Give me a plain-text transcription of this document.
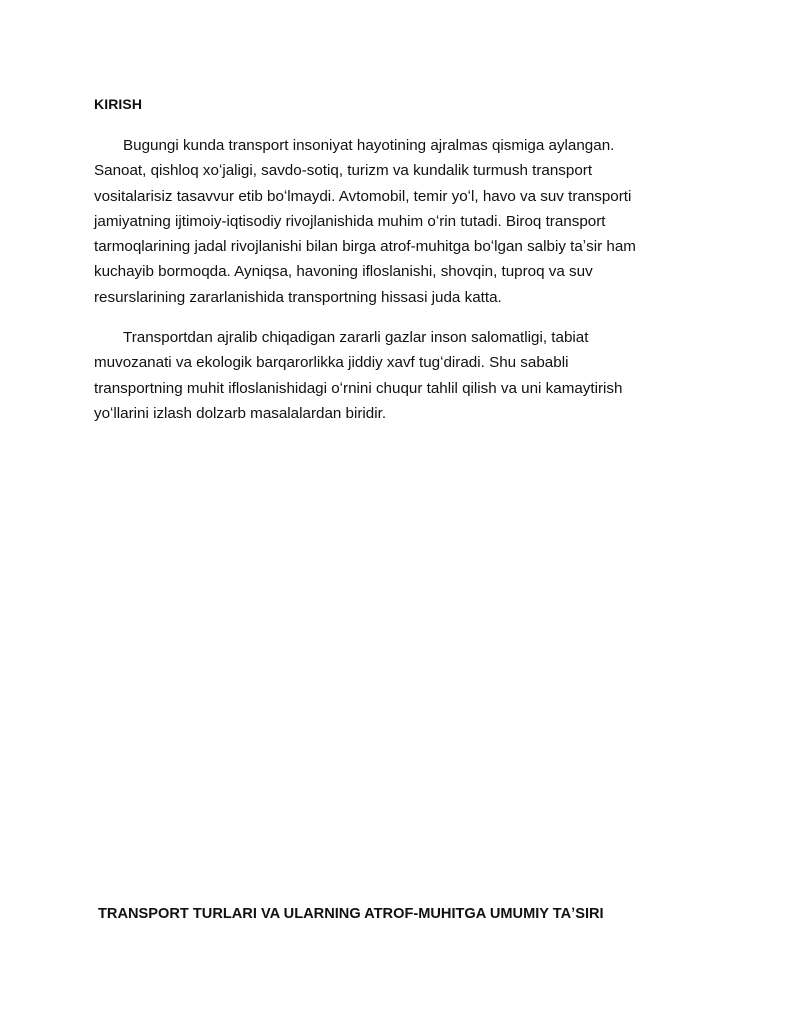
KIRISH

Bugungi kunda transport insoniyat hayotining ajralmas qismiga aylangan.
Sanoat, qishloq xoʻjaligi, savdo-sotiq, turizm va kundalik turmush transport
vositalarisiz tasavvur etib boʻlmaydi. Avtomobil, temir yoʻl, havo va suv transporti
jamiyatning ijtimoiy-iqtisodiy rivojlanishida muhim oʻrin tutadi. Biroq transport
tarmoqlarining jadal rivojlanishi bilan birga atrof-muhitga boʻlgan salbiy taʼsir ham
kuchayib bormoqda. Ayniqsa, havoning ifloslanishi, shovqin, tuproq va suv
resurslarining zararlanishida transportning hissasi juda katta.

Transportdan ajralib chiqadigan zararli gazlar inson salomatligi, tabiat
muvozanati va ekologik barqarorlikka jiddiy xavf tugʻdiradi. Shu sababli
transportning muhit ifloslanishidagi oʻrnini chuqur tahlil qilish va uni kamaytirish
yoʻllarini izlash dolzarb masalalardan biridir.

TRANSPORT TURLARI VA ULARNING ATROF-MUHITGA UMUMIY TAʼSIRI
